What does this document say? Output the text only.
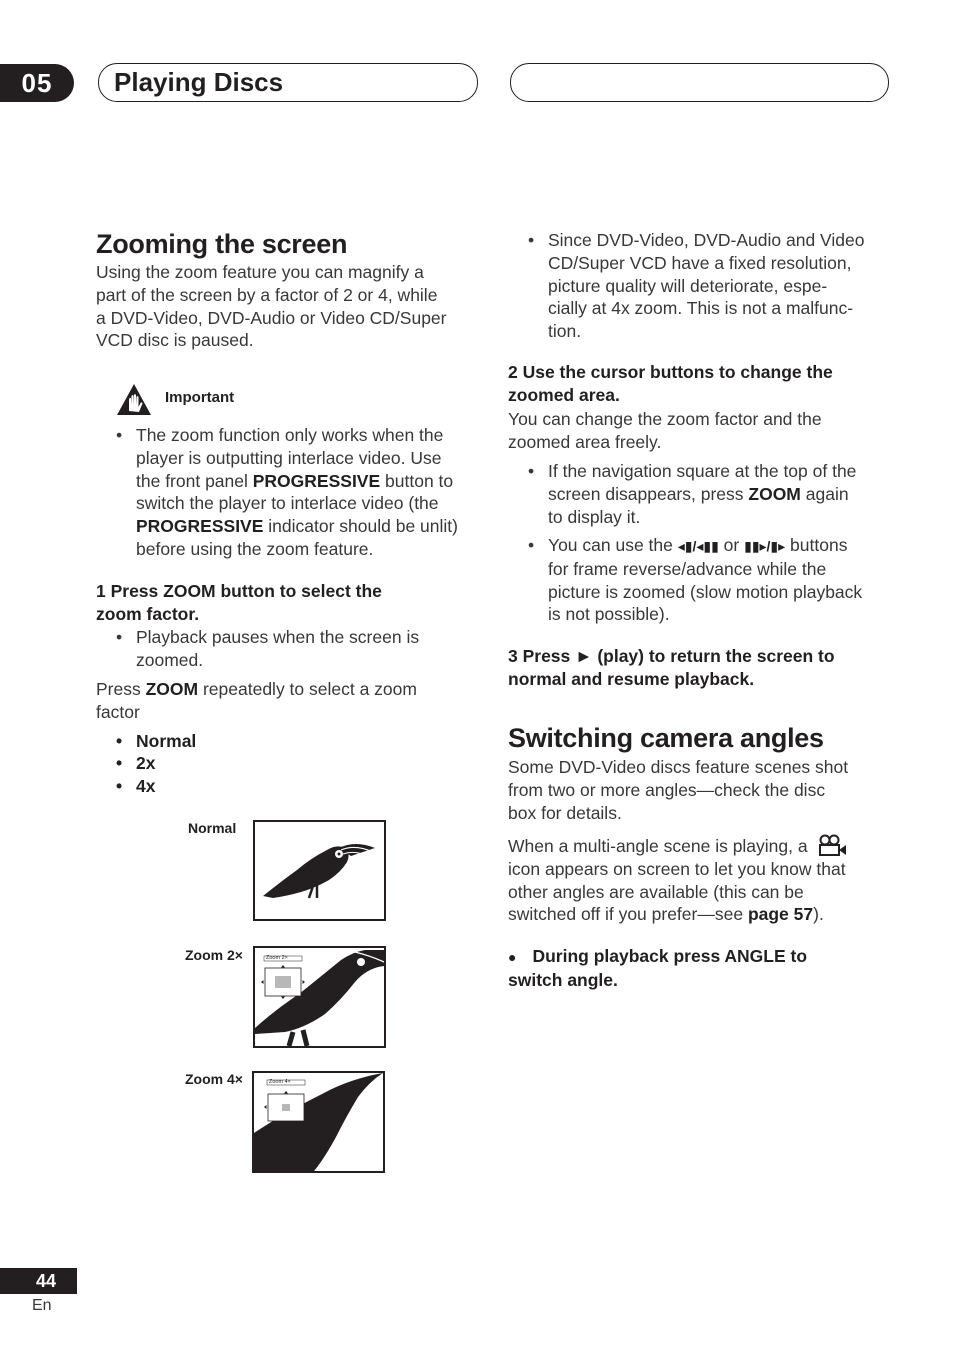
05 Playing Discs
Zooming the screen
Using the zoom feature you can magnify a
part of the screen by a factor of 2 or 4, while
a DVD-Video, DVD-Audio or Video CD/Super
VCD disc is paused.
Important
• The zoom function only works when the
player is outputting interlace video. Use
the front panel PROGRESSIVE button to
switch the player to interlace video (the
PROGRESSIVE indicator should be unlit)
before using the zoom feature.
1 Press ZOOM button to select the
zoom factor.
• Playback pauses when the screen is
zoomed.
Press ZOOM repeatedly to select a zoom
factor
• Normal
• 2x
• 4x
Normal
Zoom 2×	Zoom 2×
Zoom 4×	Zoom 4×
• Since DVD-Video, DVD-Audio and Video
CD/Super VCD have a fixed resolution,
picture quality will deteriorate, espe-
cially at 4x zoom. This is not a malfunc-
tion.
2 Use the cursor buttons to change the
zoomed area.
You can change the zoom factor and the
zoomed area freely.
• If the navigation square at the top of the
screen disappears, press ZOOM again
to display it.
• You can use the ◂▮/◂▮▮ or ▮▮▸/▮▸ buttons
for frame reverse/advance while the
picture is zoomed (slow motion playback
is not possible).
3 Press ► (play) to return the screen to
normal and resume playback.
Switching camera angles
Some DVD-Video discs feature scenes shot
from two or more angles—check the disc
box for details.
When a multi-angle scene is playing, a
icon appears on screen to let you know that
other angles are available (this can be
switched off if you prefer—see page 57).
● During playback press ANGLE to
switch angle.
44
En
